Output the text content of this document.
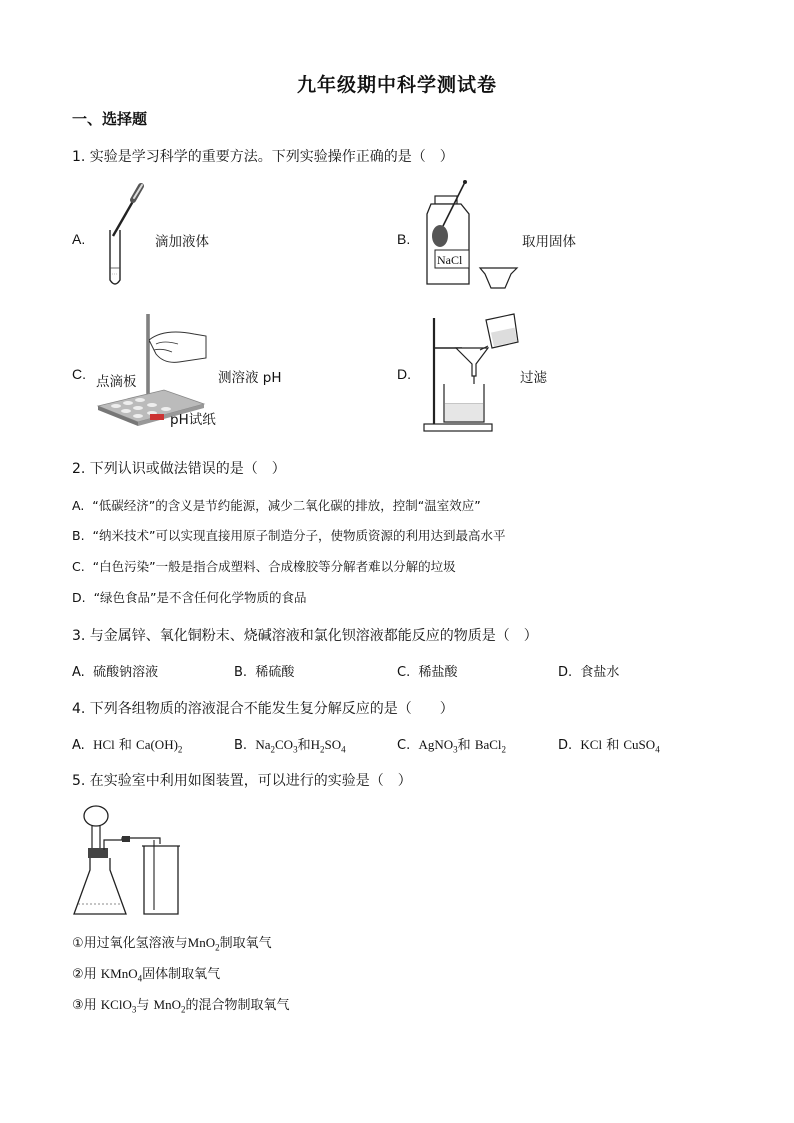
九年级期中科学测试卷
一、选择题
1. 实验是学习科学的重要方法。下列实验操作正确的是（　）
A.	滴加液体	B.
NaCl
取用固体
C. 点滴板
pH试纸
测溶液 pH	D.	过滤
2. 下列认识或做法错误的是（　）
A. “低碳经济”的含义是节约能源，减少二氧化碳的排放，控制“温室效应”
B. “纳米技术”可以实现直接用原子制造分子，使物质资源的利用达到最高水平
C. “白色污染”一般是指合成塑料、合成橡胶等分解者难以分解的垃圾
D. “绿色食品”是不含任何化学物质的食品
3. 与金属锌、氧化铜粉末、烧碱溶液和氯化钡溶液都能反应的物质是（　）
A. 硫酸钠溶液	B. 稀硫酸	C. 稀盐酸	D. 食盐水
4. 下列各组物质的溶液混合不能发生复分解反应的是（　　）
A. HCl 和 $Ca(OH)_2$	B. $Na_2CO_3$和$H_2SO_4$	C. AgNO$_3$和 BaCl$_2$	D. KCl 和 CuSO$_4$
5. 在实验室中利用如图装置，可以进行的实验是（　）
①用过氧化氢溶液与MnO$_2$制取氧气
②用 KMnO$_4$固体制取氧气
③用 KClO$_3$与 MnO$_2$的混合物制取氧气
